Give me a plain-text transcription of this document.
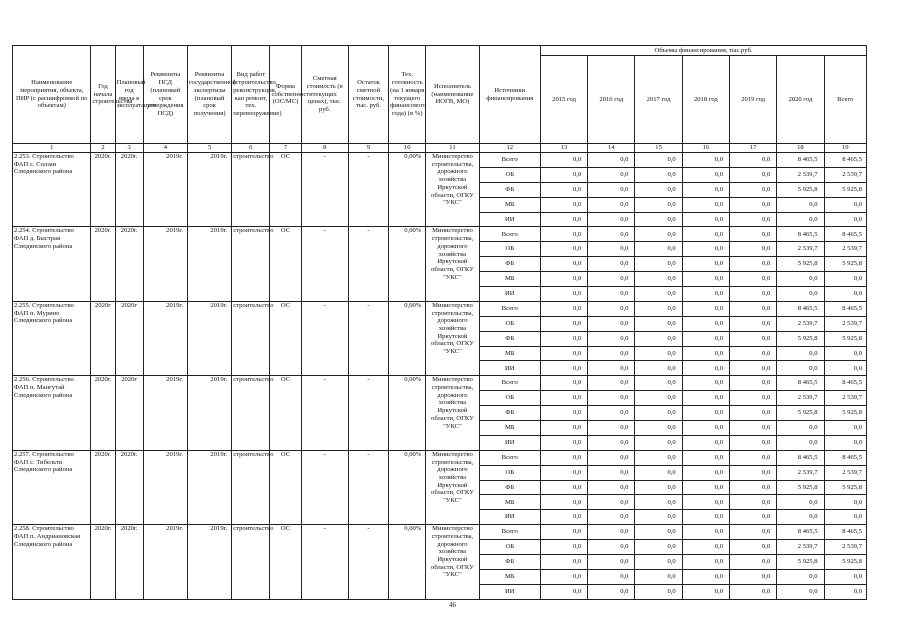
Наименование мероприятия, объекта, ПИР (с расшифровкой по объектам)	Год начала строительства	Плановый год ввода в эксплуатацию	Реквизиты ПСД (плановый срок утверждения ПСД)	Реквизиты государственной экспертизы (плановый срок получения)	Вид работ (строительство, реконструкция, кап ремонт, тех. перевооружение)	Форма собственности (ОС/МС)	Сметная стоимость (в текущих ценах), тыс. руб.	Остаток сметной стоимости, тыс. руб.	Тех. готовность (на 1 января текущего финансового года) (в %)	Исполнитель (наименование ИОГВ, МО)	Источники финансирования	Объемы финансирования, тыс.руб.						
												2015 год	2016 год	2017 год	2018 год	2019 год	2020 год	Всего
1	2	3	4	5	6	7	8	9	10	11	12	13	14	15	16	17	18	19
2.253. Строительство ФАП с. Солзан Слюдянского района	2020г.	2020г.	2019г.	2019г.	строительство	ОС	-	-	0,00%	Министерство строительства, дорожного хозяйства Иркутской области, ОГКУ "УКС"	Всего	0,0	0,0	0,0	0,0	0,0	8 465,5	8 465,5
											ОБ	0,0	0,0	0,0	0,0	0,0	2 539,7	2 539,7
											ФБ	0,0	0,0	0,0	0,0	0,0	5 925,8	5 925,8
											МБ	0,0	0,0	0,0	0,0	0,0	0,0	0,0
											ИИ	0,0	0,0	0,0	0,0	0,0	0,0	0,0
2.254. Строительство ФАП д. Быстрая Слюдянского района	2020г.	2020г.	2019г.	2019г.	строительство	ОС	-	-	0,00%	Министерство строительства, дорожного хозяйства Иркутской области, ОГКУ "УКС"	Всего	0,0	0,0	0,0	0,0	0,0	8 465,5	8 465,5
											ОБ	0,0	0,0	0,0	0,0	0,0	2 539,7	2 539,7
											ФБ	0,0	0,0	0,0	0,0	0,0	5 925,8	5 925,8
											МБ	0,0	0,0	0,0	0,0	0,0	0,0	0,0
											ИИ	0,0	0,0	0,0	0,0	0,0	0,0	0,0
2.255. Строительство ФАП п. Мурино Слюдянского района	2020г	2020г	2019г.	2019г.	строительство	ОС	-	-	0,00%	Министерство строительства, дорожного хозяйства Иркутской области, ОГКУ "УКС"	Всего	0,0	0,0	0,0	0,0	0,0	8 465,5	8 465,5
											ОБ	0,0	0,0	0,0	0,0	0,0	2 539,7	2 539,7
											ФБ	0,0	0,0	0,0	0,0	0,0	5 925,8	5 925,8
											МБ	0,0	0,0	0,0	0,0	0,0	0,0	0,0
											ИИ	0,0	0,0	0,0	0,0	0,0	0,0	0,0
2.256. Строительство ФАП п. Мангутай Слюдянского района	2020г.	2020г	2019г.	2019г.	строительство	ОС	-	-	0,00%	Министерство строительства, дорожного хозяйства Иркутской области, ОГКУ "УКС"	Всего	0,0	0,0	0,0	0,0	0,0	8 465,5	8 465,5
											ОБ	0,0	0,0	0,0	0,0	0,0	2 539,7	2 539,7
											ФБ	0,0	0,0	0,0	0,0	0,0	5 925,8	5 925,8
											МБ	0,0	0,0	0,0	0,0	0,0	0,0	0,0
											ИИ	0,0	0,0	0,0	0,0	0,0	0,0	0,0
2.257. Строительство ФАП с. Тибельти Слюдянского района	2020г.	2020г.	2019г.	2019г.	строительство	ОС	-	-	0,00%	Министерство строительства, дорожного хозяйства Иркутской области, ОГКУ "УКС"	Всего	0,0	0,0	0,0	0,0	0,0	8 465,5	8 465,5
											ОБ	0,0	0,0	0,0	0,0	0,0	2 539,7	2 539,7
											ФБ	0,0	0,0	0,0	0,0	0,0	5 925,8	5 925,8
											МБ	0,0	0,0	0,0	0,0	0,0	0,0	0,0
											ИИ	0,0	0,0	0,0	0,0	0,0	0,0	0,0
2.258. Строительство ФАП п. Андриановская Слюдянского района	2020г.	2020г.	2019г.	2019г.	строительство	ОС	-	-	0,00%	Министерство строительства, дорожного хозяйства Иркутской области, ОГКУ "УКС"	Всего	0,0	0,0	0,0	0,0	0,0	8 465,5	8 465,5
											ОБ	0,0	0,0	0,0	0,0	0,0	2 539,7	2 539,7
											ФБ	0,0	0,0	0,0	0,0	0,0	5 925,8	5 925,8
											МБ	0,0	0,0	0,0	0,0	0,0	0,0	0,0
											ИИ	0,0	0,0	0,0	0,0	0,0	0,0	0,0
46
